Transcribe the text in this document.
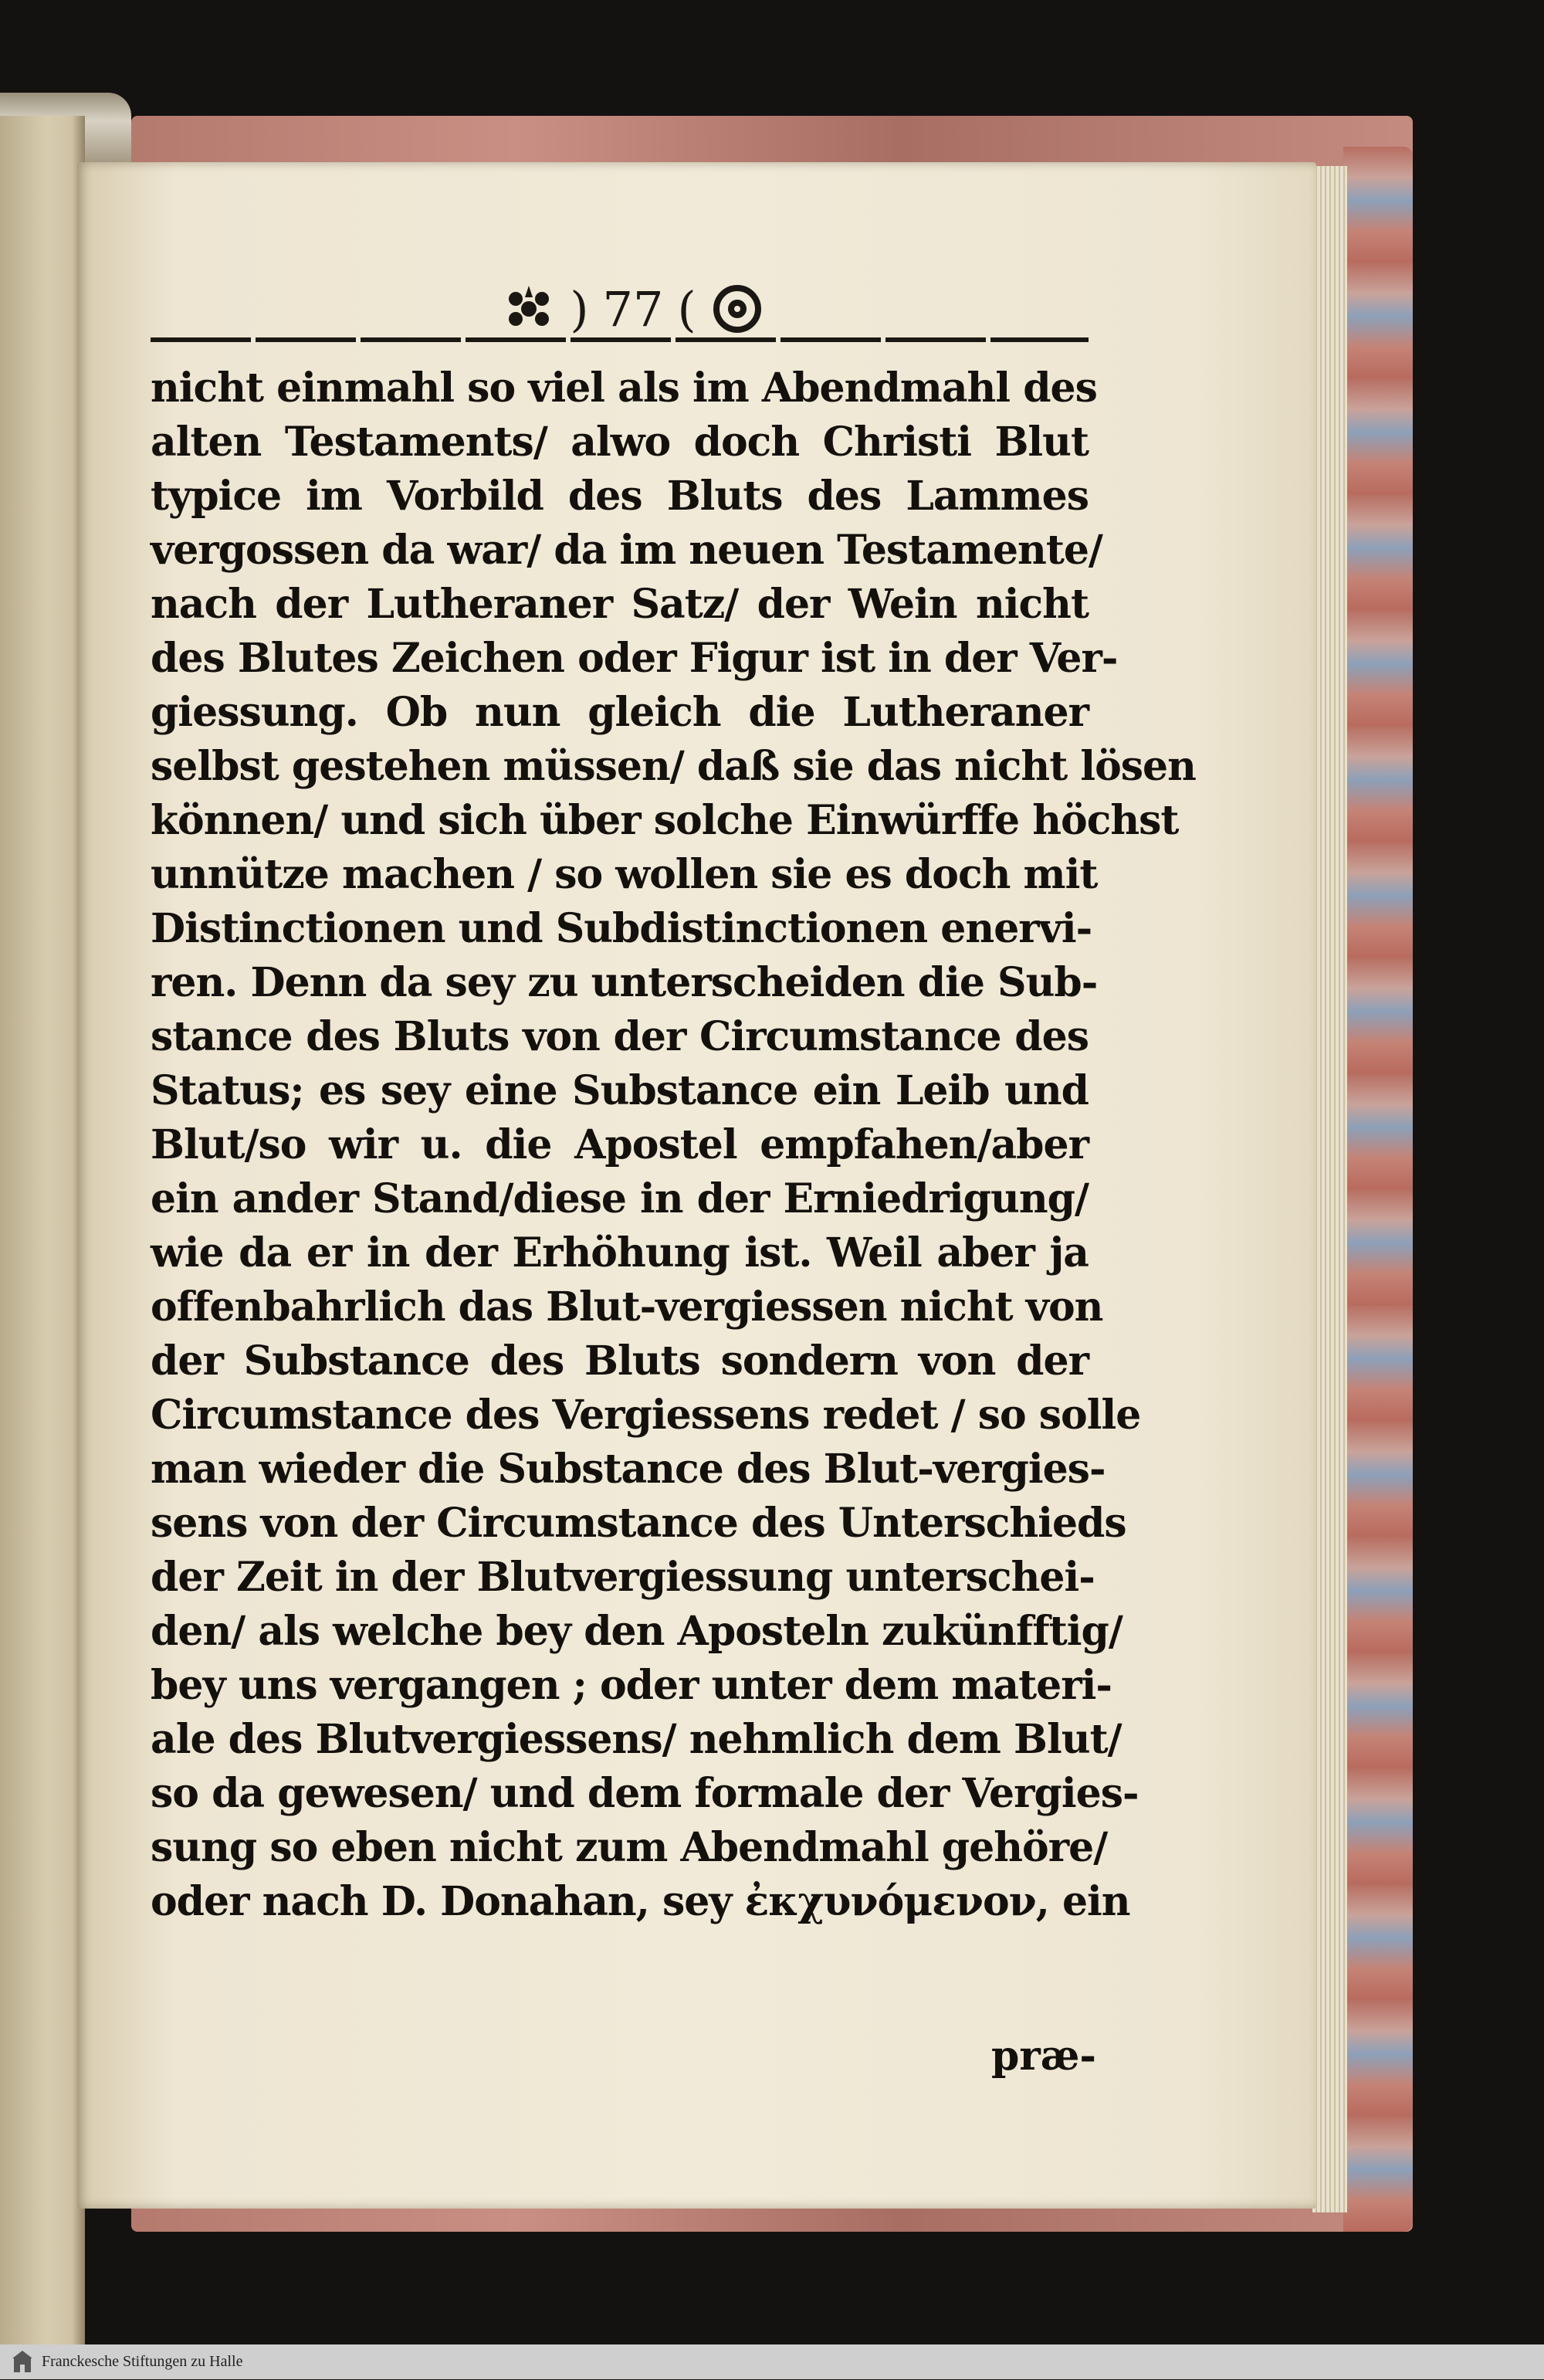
) 77 (
nicht einmahl so viel als im Abendmahl des
alten Testaments/ alwo doch Christi Blut
typice im Vorbild des Bluts des Lammes
vergossen da war/ da im neuen Testamente/
nach der Lutheraner Satz/ der Wein nicht
des Blutes Zeichen oder Figur ist in der Ver-
giessung. Ob nun gleich die Lutheraner
selbst gestehen müssen/ daß sie das nicht lösen
können/ und sich über solche Einwürffe höchst
unnütze machen / so wollen sie es doch mit
Distinctionen und Subdistinctionen enervi-
ren. Denn da sey zu unterscheiden die Sub-
stance des Bluts von der Circumstance des
Status; es sey eine Substance ein Leib und
Blut/so wir u. die Apostel empfahen/aber
ein ander Stand/diese in der Erniedrigung/
wie da er in der Erhöhung ist. Weil aber ja
offenbahrlich das Blut-vergiessen nicht von
der Substance des Bluts sondern von der
Circumstance des Vergiessens redet / so solle
man wieder die Substance des Blut-vergies-
sens von der Circumstance des Unterschieds
der Zeit in der Blutvergiessung unterschei-
den/ als welche bey den Aposteln zukünfftig/
bey uns vergangen ; oder unter dem materi-
ale des Blutvergiessens/ nehmlich dem Blut/
so da gewesen/ und dem formale der Vergies-
sung so eben nicht zum Abendmahl gehöre/
oder nach D. Donahan, sey ἐκχυνόμενον, ein
præ-
Franckesche Stiftungen zu Halle
